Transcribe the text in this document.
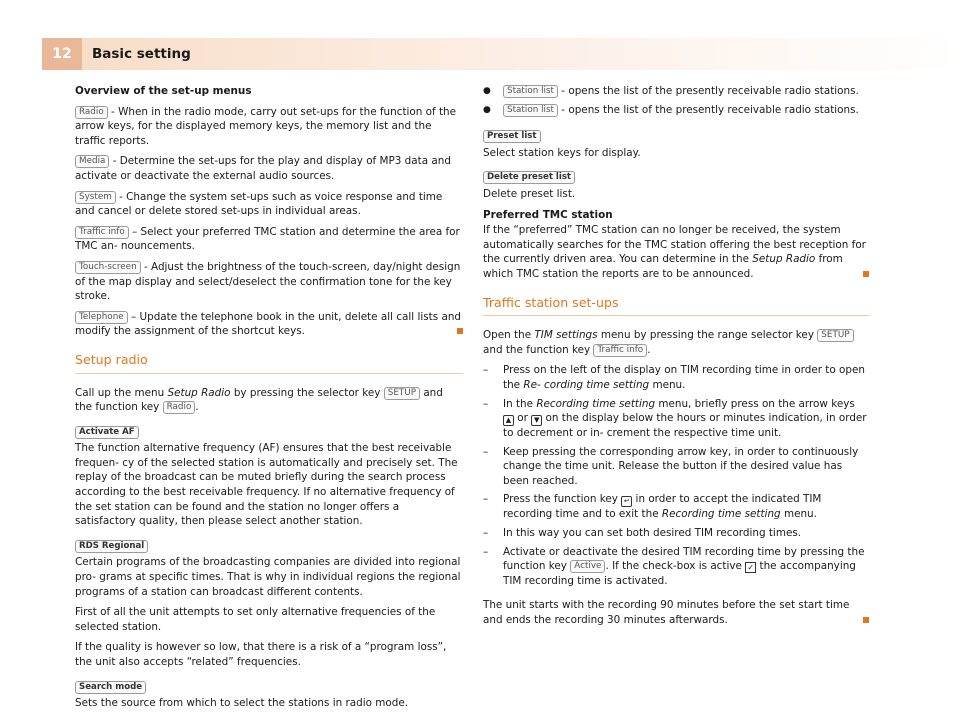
12	Basic setting

Overview of the set-up menus

Radio - When in the radio mode, carry out set-ups for the function of the arrow keys, for the displayed memory keys, the memory list and the traffic reports.

Media - Determine the set-ups for the play and display of MP3 data and activate or deactivate the external audio sources.

System - Change the system set-ups such as voice response and time and cancel or delete stored set-ups in individual areas.

Traffic info – Select your preferred TMC station and determine the area for TMC an- nouncements.

Touch-screen - Adjust the brightness of the touch-screen, day/night design of the map display and select/deselect the confirmation tone for the key stroke.

Telephone – Update the telephone book in the unit, delete all call lists and modify the assignment of the shortcut keys.

Setup radio

Call up the menu Setup Radio by pressing the selector key SETUP and the function key Radio .

Activate AF

The function alternative frequency (AF) ensures that the best receivable frequen- cy of the selected station is automatically and precisely set. The replay of the broadcast can be muted briefly during the search process according to the best receivable frequency. If no alternative frequency of the set station can be found and the station no longer offers a satisfactory quality, then please select another station.

RDS Regional

Certain programs of the broadcasting companies are divided into regional pro- grams at specific times. That is why in individual regions the regional programs of a station can broadcast different contents.

First of all the unit attempts to set only alternative frequencies of the selected station.

If the quality is however so low, that there is a risk of a “program loss”, the unit also accepts “related” frequencies.

Search mode

Sets the source from which to select the stations in radio mode.

● Station list - opens the list of the presently receivable radio stations.
● Station list - opens the list of the presently receivable radio stations.

Preset list

Select station keys for display.

Delete preset list

Delete preset list.

Preferred TMC station

If the “preferred” TMC station can no longer be received, the system automatically searches for the TMC station offering the best reception for the currently driven area. You can determine in the Setup Radio from which TMC station the reports are to be announced.

Traffic station set-ups

Open the TIM settings menu by pressing the range selector key SETUP and the function key Traffic info .

– Press on the left of the display on TIM recording time in order to open the Re- cording time setting menu.
– In the Recording time setting menu, briefly press on the arrow keys ▲ or ▼ on the display below the hours or minutes indication, in order to decrement or in- crement the respective time unit.
– Keep pressing the corresponding arrow key, in order to continuously change the time unit. Release the button if the desired value has been reached.
– Press the function key ↵ in order to accept the indicated TIM recording time and to exit the Recording time setting menu.
– In this way you can set both desired TIM recording times.
– Activate or deactivate the desired TIM recording time by pressing the function key Active . If the check-box is active ✓ the accompanying TIM recording time is activated.

The unit starts with the recording 90 minutes before the set start time and ends the recording 30 minutes afterwards.
